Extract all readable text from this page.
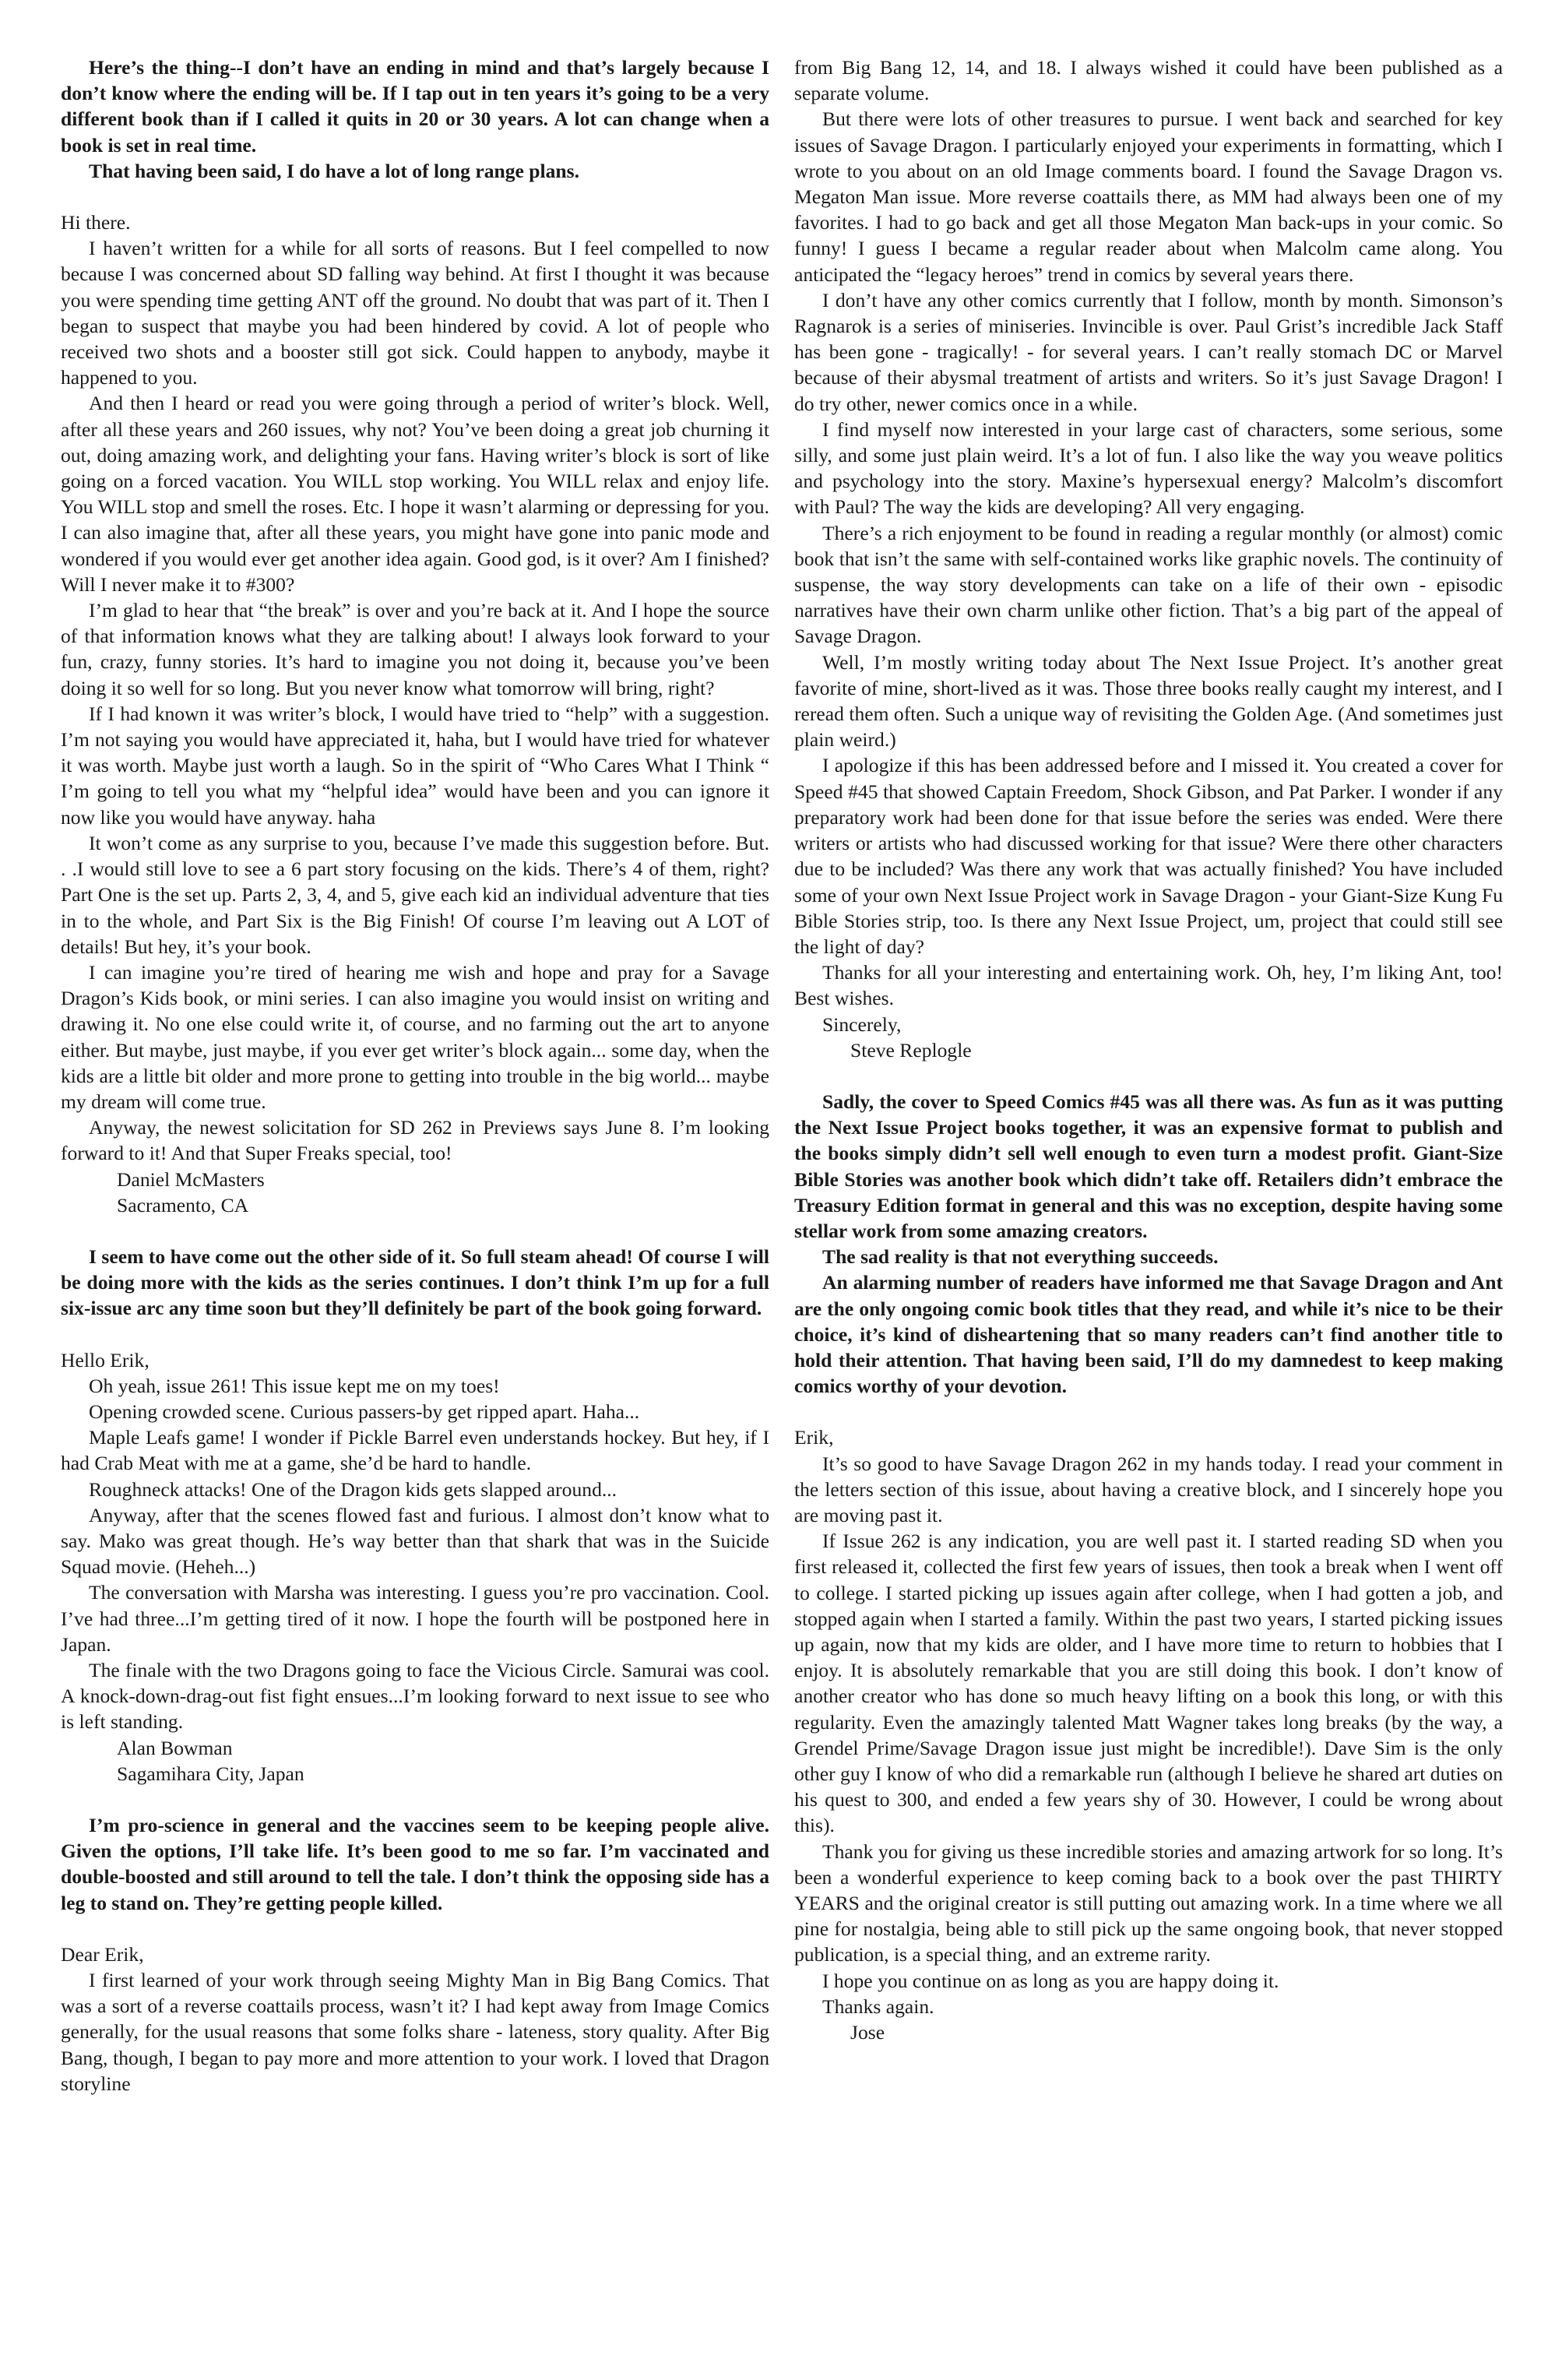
Here’s the thing--I don’t have an ending in mind and that’s largely because I don’t know where the ending will be. If I tap out in ten years it’s going to be a very different book than if I called it quits in 20 or 30 years. A lot can change when a book is set in real time.

That having been said, I do have a lot of long range plans.

Hi there.

I haven’t written for a while for all sorts of reasons. But I feel compelled to now because I was concerned about SD falling way behind. At first I thought it was because you were spending time getting ANT off the ground. No doubt that was part of it. Then I began to suspect that maybe you had been hindered by covid. A lot of people who received two shots and a booster still got sick. Could happen to anybody, maybe it happened to you.

And then I heard or read you were going through a period of writer’s block. Well, after all these years and 260 issues, why not? You’ve been doing a great job churning it out, doing amazing work, and delighting your fans. Having writer’s block is sort of like going on a forced vacation. You WILL stop working. You WILL relax and enjoy life. You WILL stop and smell the roses. Etc. I hope it wasn’t alarming or depressing for you. I can also imagine that, after all these years, you might have gone into panic mode and wondered if you would ever get another idea again. Good god, is it over? Am I finished? Will I never make it to #300?

I’m glad to hear that “the break” is over and you’re back at it. And I hope the source of that information knows what they are talking about! I always look forward to your fun, crazy, funny stories. It’s hard to imagine you not doing it, because you’ve been doing it so well for so long. But you never know what tomorrow will bring, right?

If I had known it was writer’s block, I would have tried to “help” with a suggestion. I’m not saying you would have appreciated it, haha, but I would have tried for whatever it was worth. Maybe just worth a laugh. So in the spirit of “Who Cares What I Think “ I’m going to tell you what my “helpful idea” would have been and you can ignore it now like you would have anyway. haha

It won’t come as any surprise to you, because I’ve made this suggestion before. But. . .I would still love to see a 6 part story focusing on the kids. There’s 4 of them, right? Part One is the set up. Parts 2, 3, 4, and 5, give each kid an individual adventure that ties in to the whole, and Part Six is the Big Finish! Of course I’m leaving out A LOT of details! But hey, it’s your book.

I can imagine you’re tired of hearing me wish and hope and pray for a Savage Dragon’s Kids book, or mini series. I can also imagine you would insist on writing and drawing it. No one else could write it, of course, and no farming out the art to anyone either. But maybe, just maybe, if you ever get writer’s block again... some day, when the kids are a little bit older and more prone to getting into trouble in the big world... maybe my dream will come true.

Anyway, the newest solicitation for SD 262 in Previews says June 8. I’m looking forward to it! And that Super Freaks special, too!

Daniel McMasters

Sacramento, CA

I seem to have come out the other side of it. So full steam ahead! Of course I will be doing more with the kids as the series continues. I don’t think I’m up for a full six-issue arc any time soon but they’ll definitely be part of the book going forward.

Hello Erik,

Oh yeah, issue 261! This issue kept me on my toes!

Opening crowded scene. Curious passers-by get ripped apart. Haha...

Maple Leafs game! I wonder if Pickle Barrel even understands hockey. But hey, if I had Crab Meat with me at a game, she’d be hard to handle.

Roughneck attacks! One of the Dragon kids gets slapped around...

Anyway, after that the scenes flowed fast and furious. I almost don’t know what to say. Mako was great though. He’s way better than that shark that was in the Suicide Squad movie. (Heheh...)

The conversation with Marsha was interesting. I guess you’re pro vaccination. Cool. I’ve had three...I’m getting tired of it now. I hope the fourth will be postponed here in Japan.

The finale with the two Dragons going to face the Vicious Circle. Samurai was cool. A knock-down-drag-out fist fight ensues...I’m looking forward to next issue to see who is left standing.

Alan Bowman

Sagamihara City, Japan

I’m pro-science in general and the vaccines seem to be keeping people alive. Given the options, I’ll take life. It’s been good to me so far. I’m vaccinated and double-boosted and still around to tell the tale. I don’t think the opposing side has a leg to stand on. They’re getting people killed.

Dear Erik,

I first learned of your work through seeing Mighty Man in Big Bang Comics. That was a sort of a reverse coattails process, wasn’t it? I had kept away from Image Comics generally, for the usual reasons that some folks share - lateness, story quality. After Big Bang, though, I began to pay more and more attention to your work. I loved that Dragon storyline

from Big Bang 12, 14, and 18. I always wished it could have been published as a separate volume.

But there were lots of other treasures to pursue. I went back and searched for key issues of Savage Dragon. I particularly enjoyed your experiments in formatting, which I wrote to you about on an old Image comments board. I found the Savage Dragon vs. Megaton Man issue. More reverse coattails there, as MM had always been one of my favorites. I had to go back and get all those Megaton Man back-ups in your comic. So funny! I guess I became a regular reader about when Malcolm came along. You anticipated the “legacy heroes” trend in comics by several years there.

I don’t have any other comics currently that I follow, month by month. Simonson’s Ragnarok is a series of miniseries. Invincible is over. Paul Grist’s incredible Jack Staff has been gone - tragically! - for several years. I can’t really stomach DC or Marvel because of their abysmal treatment of artists and writers. So it’s just Savage Dragon! I do try other, newer comics once in a while.

I find myself now interested in your large cast of characters, some serious, some silly, and some just plain weird. It’s a lot of fun. I also like the way you weave politics and psychology into the story. Maxine’s hypersexual energy? Malcolm’s discomfort with Paul? The way the kids are developing? All very engaging.

There’s a rich enjoyment to be found in reading a regular monthly (or almost) comic book that isn’t the same with self-contained works like graphic novels. The continuity of suspense, the way story developments can take on a life of their own - episodic narratives have their own charm unlike other fiction. That’s a big part of the appeal of Savage Dragon.

Well, I’m mostly writing today about The Next Issue Project. It’s another great favorite of mine, short-lived as it was. Those three books really caught my interest, and I reread them often. Such a unique way of revisiting the Golden Age. (And sometimes just plain weird.)

I apologize if this has been addressed before and I missed it. You created a cover for Speed #45 that showed Captain Freedom, Shock Gibson, and Pat Parker. I wonder if any preparatory work had been done for that issue before the series was ended. Were there writers or artists who had discussed working for that issue? Were there other characters due to be included? Was there any work that was actually finished? You have included some of your own Next Issue Project work in Savage Dragon - your Giant-Size Kung Fu Bible Stories strip, too. Is there any Next Issue Project, um, project that could still see the light of day?

Thanks for all your interesting and entertaining work. Oh, hey, I’m liking Ant, too! Best wishes.

Sincerely,

Steve Replogle

Sadly, the cover to Speed Comics #45 was all there was. As fun as it was putting the Next Issue Project books together, it was an expensive format to publish and the books simply didn’t sell well enough to even turn a modest profit. Giant-Size Bible Stories was another book which didn’t take off. Retailers didn’t embrace the Treasury Edition format in general and this was no exception, despite having some stellar work from some amazing creators.

The sad reality is that not everything succeeds.

An alarming number of readers have informed me that Savage Dragon and Ant are the only ongoing comic book titles that they read, and while it’s nice to be their choice, it’s kind of disheartening that so many readers can’t find another title to hold their attention. That having been said, I’ll do my damnedest to keep making comics worthy of your devotion.

Erik,

It’s so good to have Savage Dragon 262 in my hands today. I read your comment in the letters section of this issue, about having a creative block, and I sincerely hope you are moving past it.

If Issue 262 is any indication, you are well past it. I started reading SD when you first released it, collected the first few years of issues, then took a break when I went off to college. I started picking up issues again after college, when I had gotten a job, and stopped again when I started a family. Within the past two years, I started picking issues up again, now that my kids are older, and I have more time to return to hobbies that I enjoy. It is absolutely remarkable that you are still doing this book. I don’t know of another creator who has done so much heavy lifting on a book this long, or with this regularity. Even the amazingly talented Matt Wagner takes long breaks (by the way, a Grendel Prime/Savage Dragon issue just might be incredible!). Dave Sim is the only other guy I know of who did a remarkable run (although I believe he shared art duties on his quest to 300, and ended a few years shy of 30. However, I could be wrong about this).

Thank you for giving us these incredible stories and amazing artwork for so long. It’s been a wonderful experience to keep coming back to a book over the past THIRTY YEARS and the original creator is still putting out amazing work. In a time where we all pine for nostalgia, being able to still pick up the same ongoing book, that never stopped publication, is a special thing, and an extreme rarity.

I hope you continue on as long as you are happy doing it.

Thanks again.

Jose
